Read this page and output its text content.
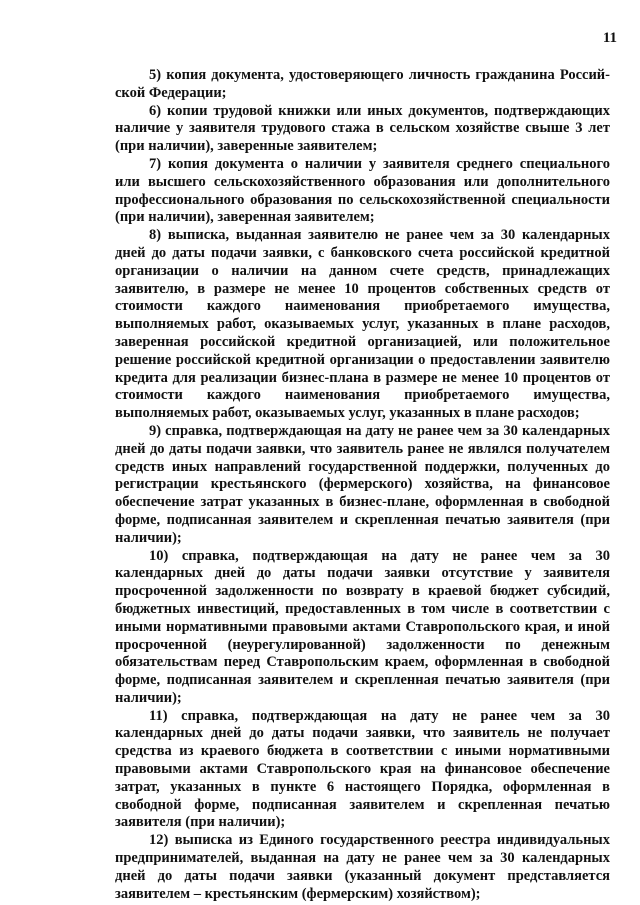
11

5) копия документа, удостоверяющего личность гражданина Российской Федерации;

6) копии трудовой книжки или иных документов, подтверждающих наличие у заявителя трудового стажа в сельском хозяйстве свыше 3 лет (при наличии), заверенные заявителем;

7) копия документа о наличии у заявителя среднего специального или высшего сельскохозяйственного образования или дополнительного профессионального образования по сельскохозяйственной специальности (при наличии), заверенная заявителем;

8) выписка, выданная заявителю не ранее чем за 30 календарных дней до даты подачи заявки, с банковского счета российской кредитной организации о наличии на данном счете средств, принадлежащих заявителю, в размере не менее 10 процентов собственных средств от стоимости каждого наименования приобретаемого имущества, выполняемых работ, оказываемых услуг, указанных в плане расходов, заверенная российской кредитной организацией, или положительное решение российской кредитной организации о предоставлении заявителю кредита для реализации бизнес-плана в размере не менее 10 процентов от стоимости каждого наименования приобретаемого имущества, выполняемых работ, оказываемых услуг, указанных в плане расходов;

9) справка, подтверждающая на дату не ранее чем за 30 календарных дней до даты подачи заявки, что заявитель ранее не являлся получателем средств иных направлений государственной поддержки, полученных до регистрации крестьянского (фермерского) хозяйства, на финансовое обеспечение затрат указанных в бизнес-плане, оформленная в свободной форме, подписанная заявителем и скрепленная печатью заявителя (при наличии);

10) справка, подтверждающая на дату не ранее чем за 30 календарных дней до даты подачи заявки отсутствие у заявителя просроченной задолженности по возврату в краевой бюджет субсидий, бюджетных инвестиций, предоставленных в том числе в соответствии с иными нормативными правовыми актами Ставропольского края, и иной просроченной (неурегулированной) задолженности по денежным обязательствам перед Ставропольским краем, оформленная в свободной форме, подписанная заявителем и скрепленная печатью заявителя (при наличии);

11) справка, подтверждающая на дату не ранее чем за 30 календарных дней до даты подачи заявки, что заявитель не получает средства из краевого бюджета в соответствии с иными нормативными правовыми актами Ставропольского края на финансовое обеспечение затрат, указанных в пункте 6 настоящего Порядка, оформленная в свободной форме, подписанная заявителем и скрепленная печатью заявителя (при наличии);

12) выписка из Единого государственного реестра индивидуальных предпринимателей, выданная на дату не ранее чем за 30 календарных дней до даты подачи заявки (указанный документ представляется заявителем – крестьянским (фермерским) хозяйством);
